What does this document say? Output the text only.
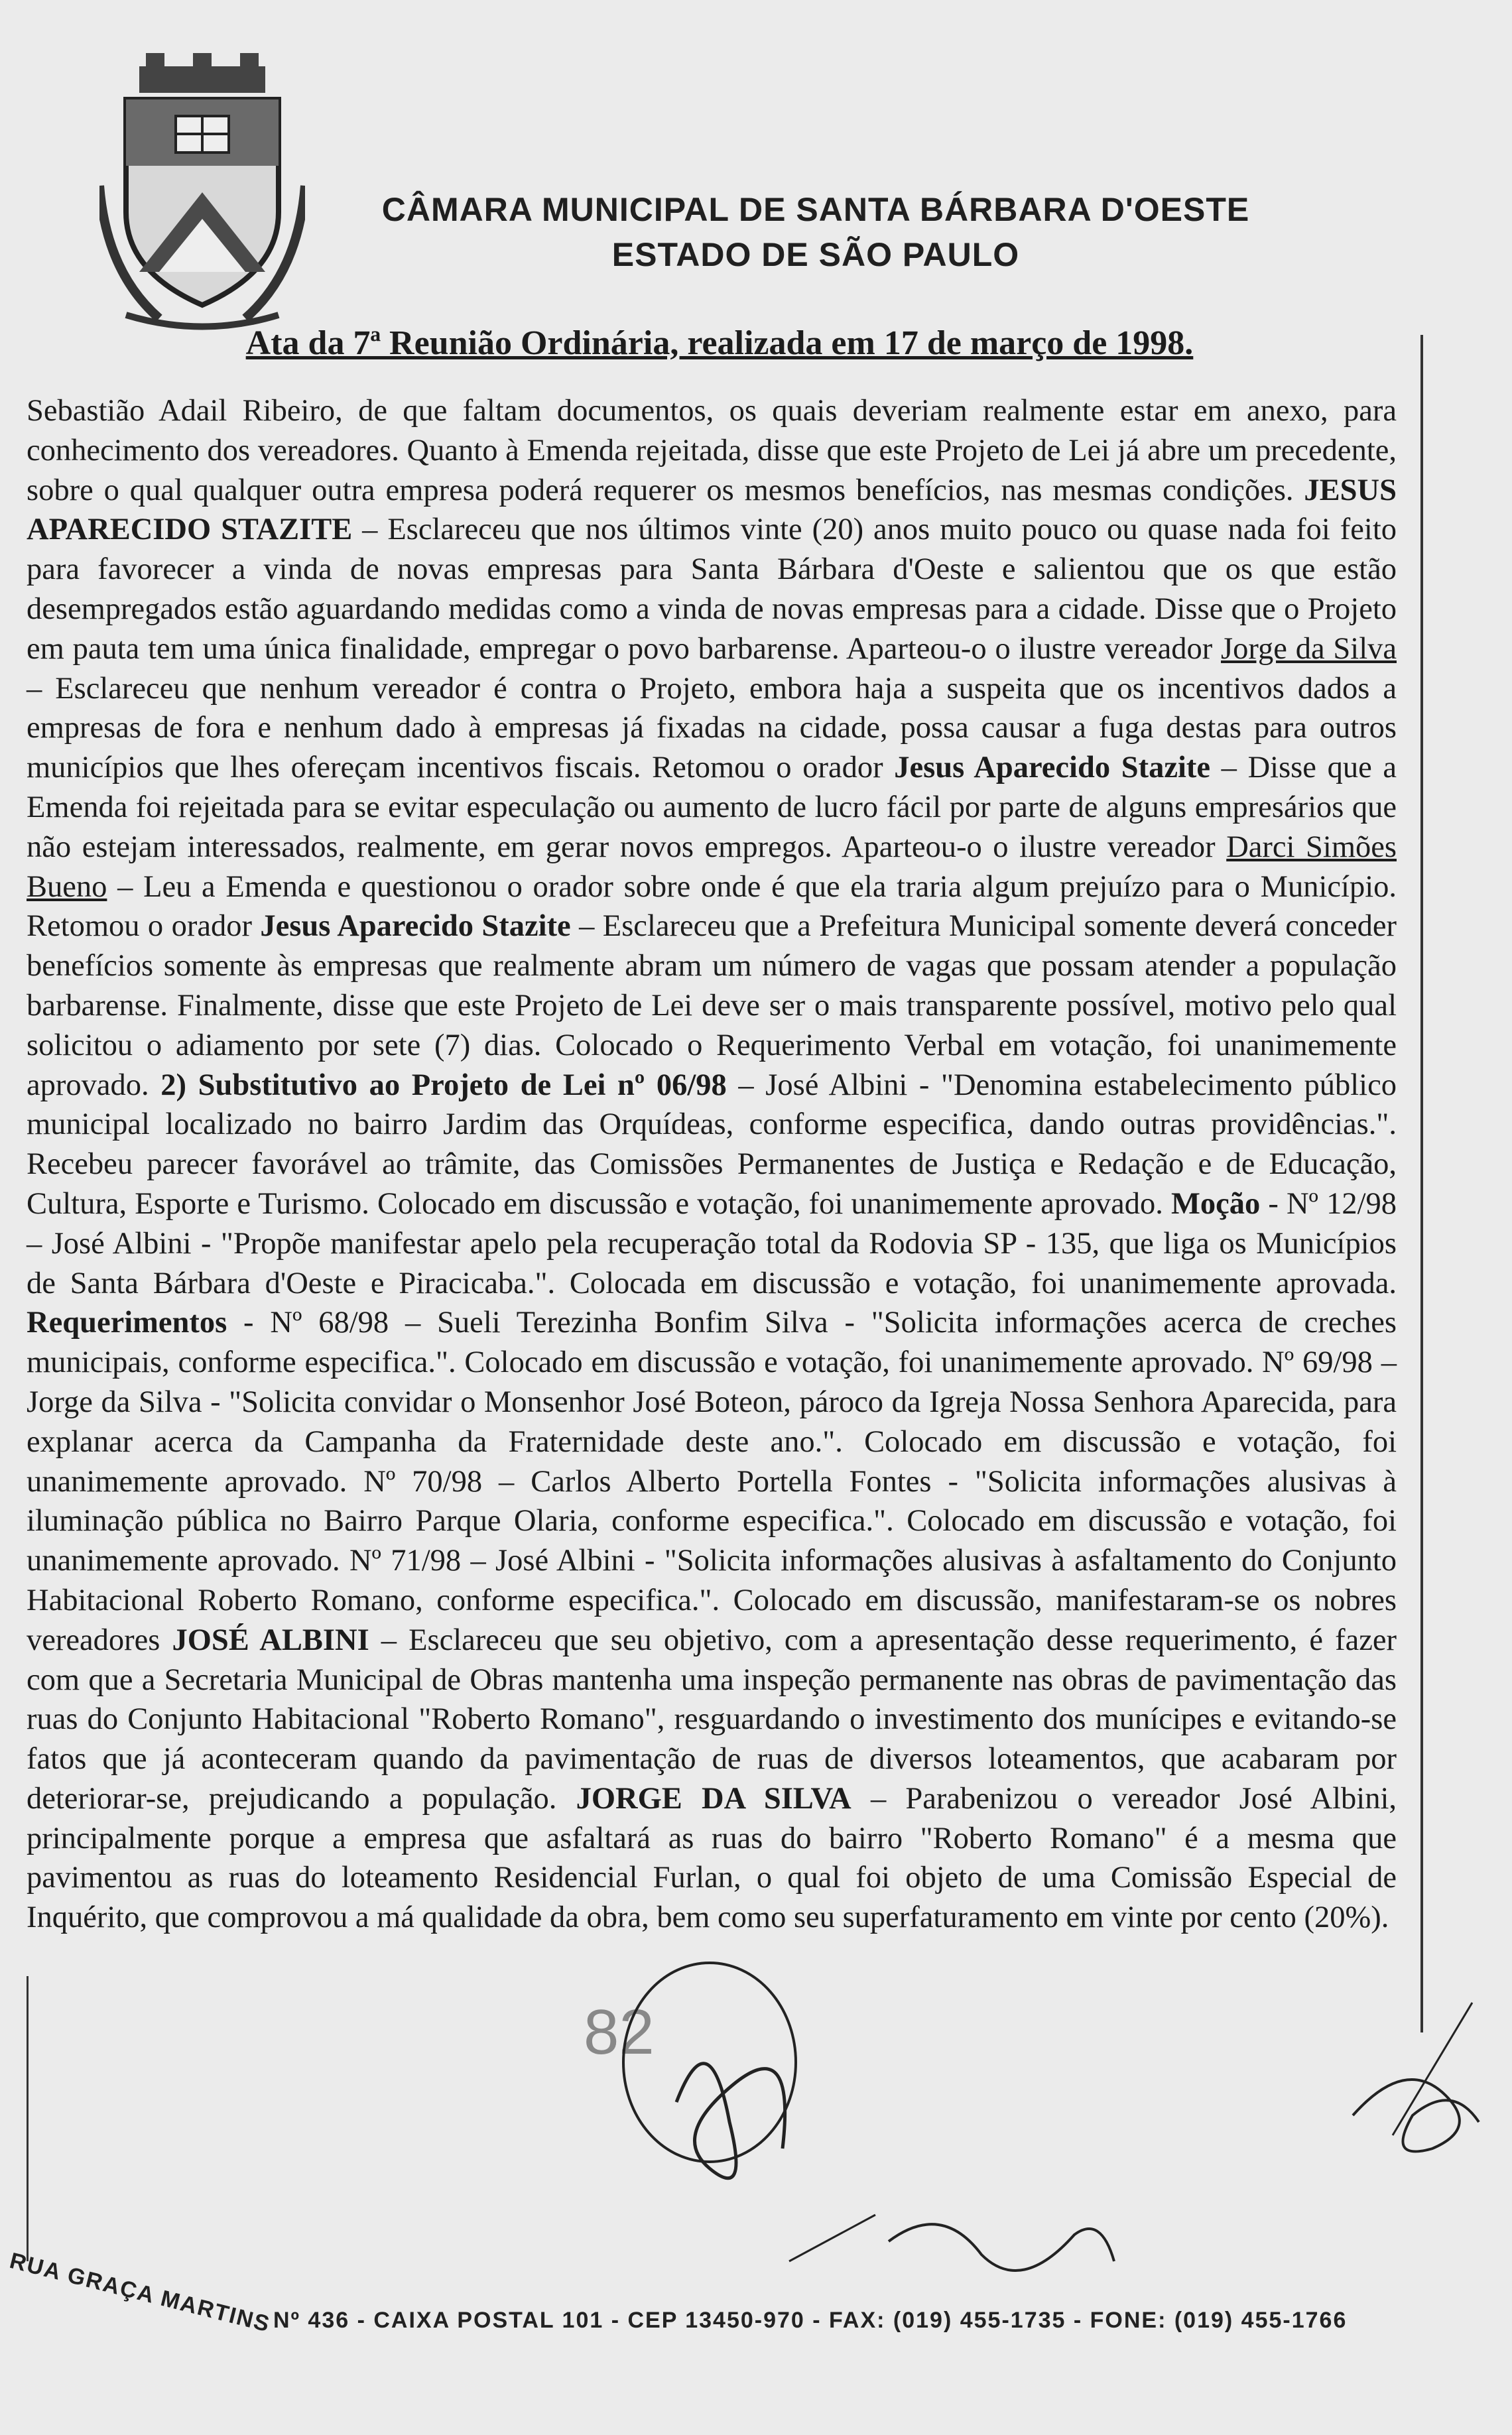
CÂMARA MUNICIPAL DE SANTA BÁRBARA D'OESTE
ESTADO DE SÃO PAULO
Ata da 7ª Reunião Ordinária, realizada em 17 de março de 1998.

Sebastião Adail Ribeiro, de que faltam documentos, os quais deveriam realmente estar em anexo, para conhecimento dos vereadores. Quanto à Emenda rejeitada, disse que este Projeto de Lei já abre um precedente, sobre o qual qualquer outra empresa poderá requerer os mesmos benefícios, nas mesmas condições. JESUS APARECIDO STAZITE – Esclareceu que nos últimos vinte (20) anos muito pouco ou quase nada foi feito para favorecer a vinda de novas empresas para Santa Bárbara d'Oeste e salientou que os que estão desempregados estão aguardando medidas como a vinda de novas empresas para a cidade. Disse que o Projeto em pauta tem uma única finalidade, empregar o povo barbarense. Aparteou-o o ilustre vereador Jorge da Silva – Esclareceu que nenhum vereador é contra o Projeto, embora haja a suspeita que os incentivos dados a empresas de fora e nenhum dado à empresas já fixadas na cidade, possa causar a fuga destas para outros municípios que lhes ofereçam incentivos fiscais. Retomou o orador Jesus Aparecido Stazite – Disse que a Emenda foi rejeitada para se evitar especulação ou aumento de lucro fácil por parte de alguns empresários que não estejam interessados, realmente, em gerar novos empregos. Aparteou-o o ilustre vereador Darci Simões Bueno – Leu a Emenda e questionou o orador sobre onde é que ela traria algum prejuízo para o Município. Retomou o orador Jesus Aparecido Stazite – Esclareceu que a Prefeitura Municipal somente deverá conceder benefícios somente às empresas que realmente abram um número de vagas que possam atender a população barbarense. Finalmente, disse que este Projeto de Lei deve ser o mais transparente possível, motivo pelo qual solicitou o adiamento por sete (7) dias. Colocado o Requerimento Verbal em votação, foi unanimemente aprovado. 2) Substitutivo ao Projeto de Lei nº 06/98 – José Albini - "Denomina estabelecimento público municipal localizado no bairro Jardim das Orquídeas, conforme especifica, dando outras providências.". Recebeu parecer favorável ao trâmite, das Comissões Permanentes de Justiça e Redação e de Educação, Cultura, Esporte e Turismo. Colocado em discussão e votação, foi unanimemente aprovado. Moção - Nº 12/98 – José Albini - "Propõe manifestar apelo pela recuperação total da Rodovia SP - 135, que liga os Municípios de Santa Bárbara d'Oeste e Piracicaba.". Colocada em discussão e votação, foi unanimemente aprovada. Requerimentos - Nº 68/98 – Sueli Terezinha Bonfim Silva - "Solicita informações acerca de creches municipais, conforme especifica.". Colocado em discussão e votação, foi unanimemente aprovado. Nº 69/98 – Jorge da Silva - "Solicita convidar o Monsenhor José Boteon, pároco da Igreja Nossa Senhora Aparecida, para explanar acerca da Campanha da Fraternidade deste ano.". Colocado em discussão e votação, foi unanimemente aprovado. Nº 70/98 – Carlos Alberto Portella Fontes - "Solicita informações alusivas à iluminação pública no Bairro Parque Olaria, conforme especifica.". Colocado em discussão e votação, foi unanimemente aprovado. Nº 71/98 – José Albini - "Solicita informações alusivas à asfaltamento do Conjunto Habitacional Roberto Romano, conforme especifica.". Colocado em discussão, manifestaram-se os nobres vereadores JOSÉ ALBINI – Esclareceu que seu objetivo, com a apresentação desse requerimento, é fazer com que a Secretaria Municipal de Obras mantenha uma inspeção permanente nas obras de pavimentação das ruas do Conjunto Habitacional "Roberto Romano", resguardando o investimento dos munícipes e evitando-se fatos que já aconteceram quando da pavimentação de ruas de diversos loteamentos, que acabaram por deteriorar-se, prejudicando a população. JORGE DA SILVA – Parabenizou o vereador José Albini, principalmente porque a empresa que asfaltará as ruas do bairro "Roberto Romano" é a mesma que pavimentou as ruas do loteamento Residencial Furlan, o qual foi objeto de uma Comissão Especial de Inquérito, que comprovou a má qualidade da obra, bem como seu superfaturamento em vinte por cento (20%).

82
RUA GRAÇA MARTINS Nº 436 - CAIXA POSTAL 101 - CEP 13450-970 - FAX: (019) 455-1735 - FONE: (019) 455-1766
